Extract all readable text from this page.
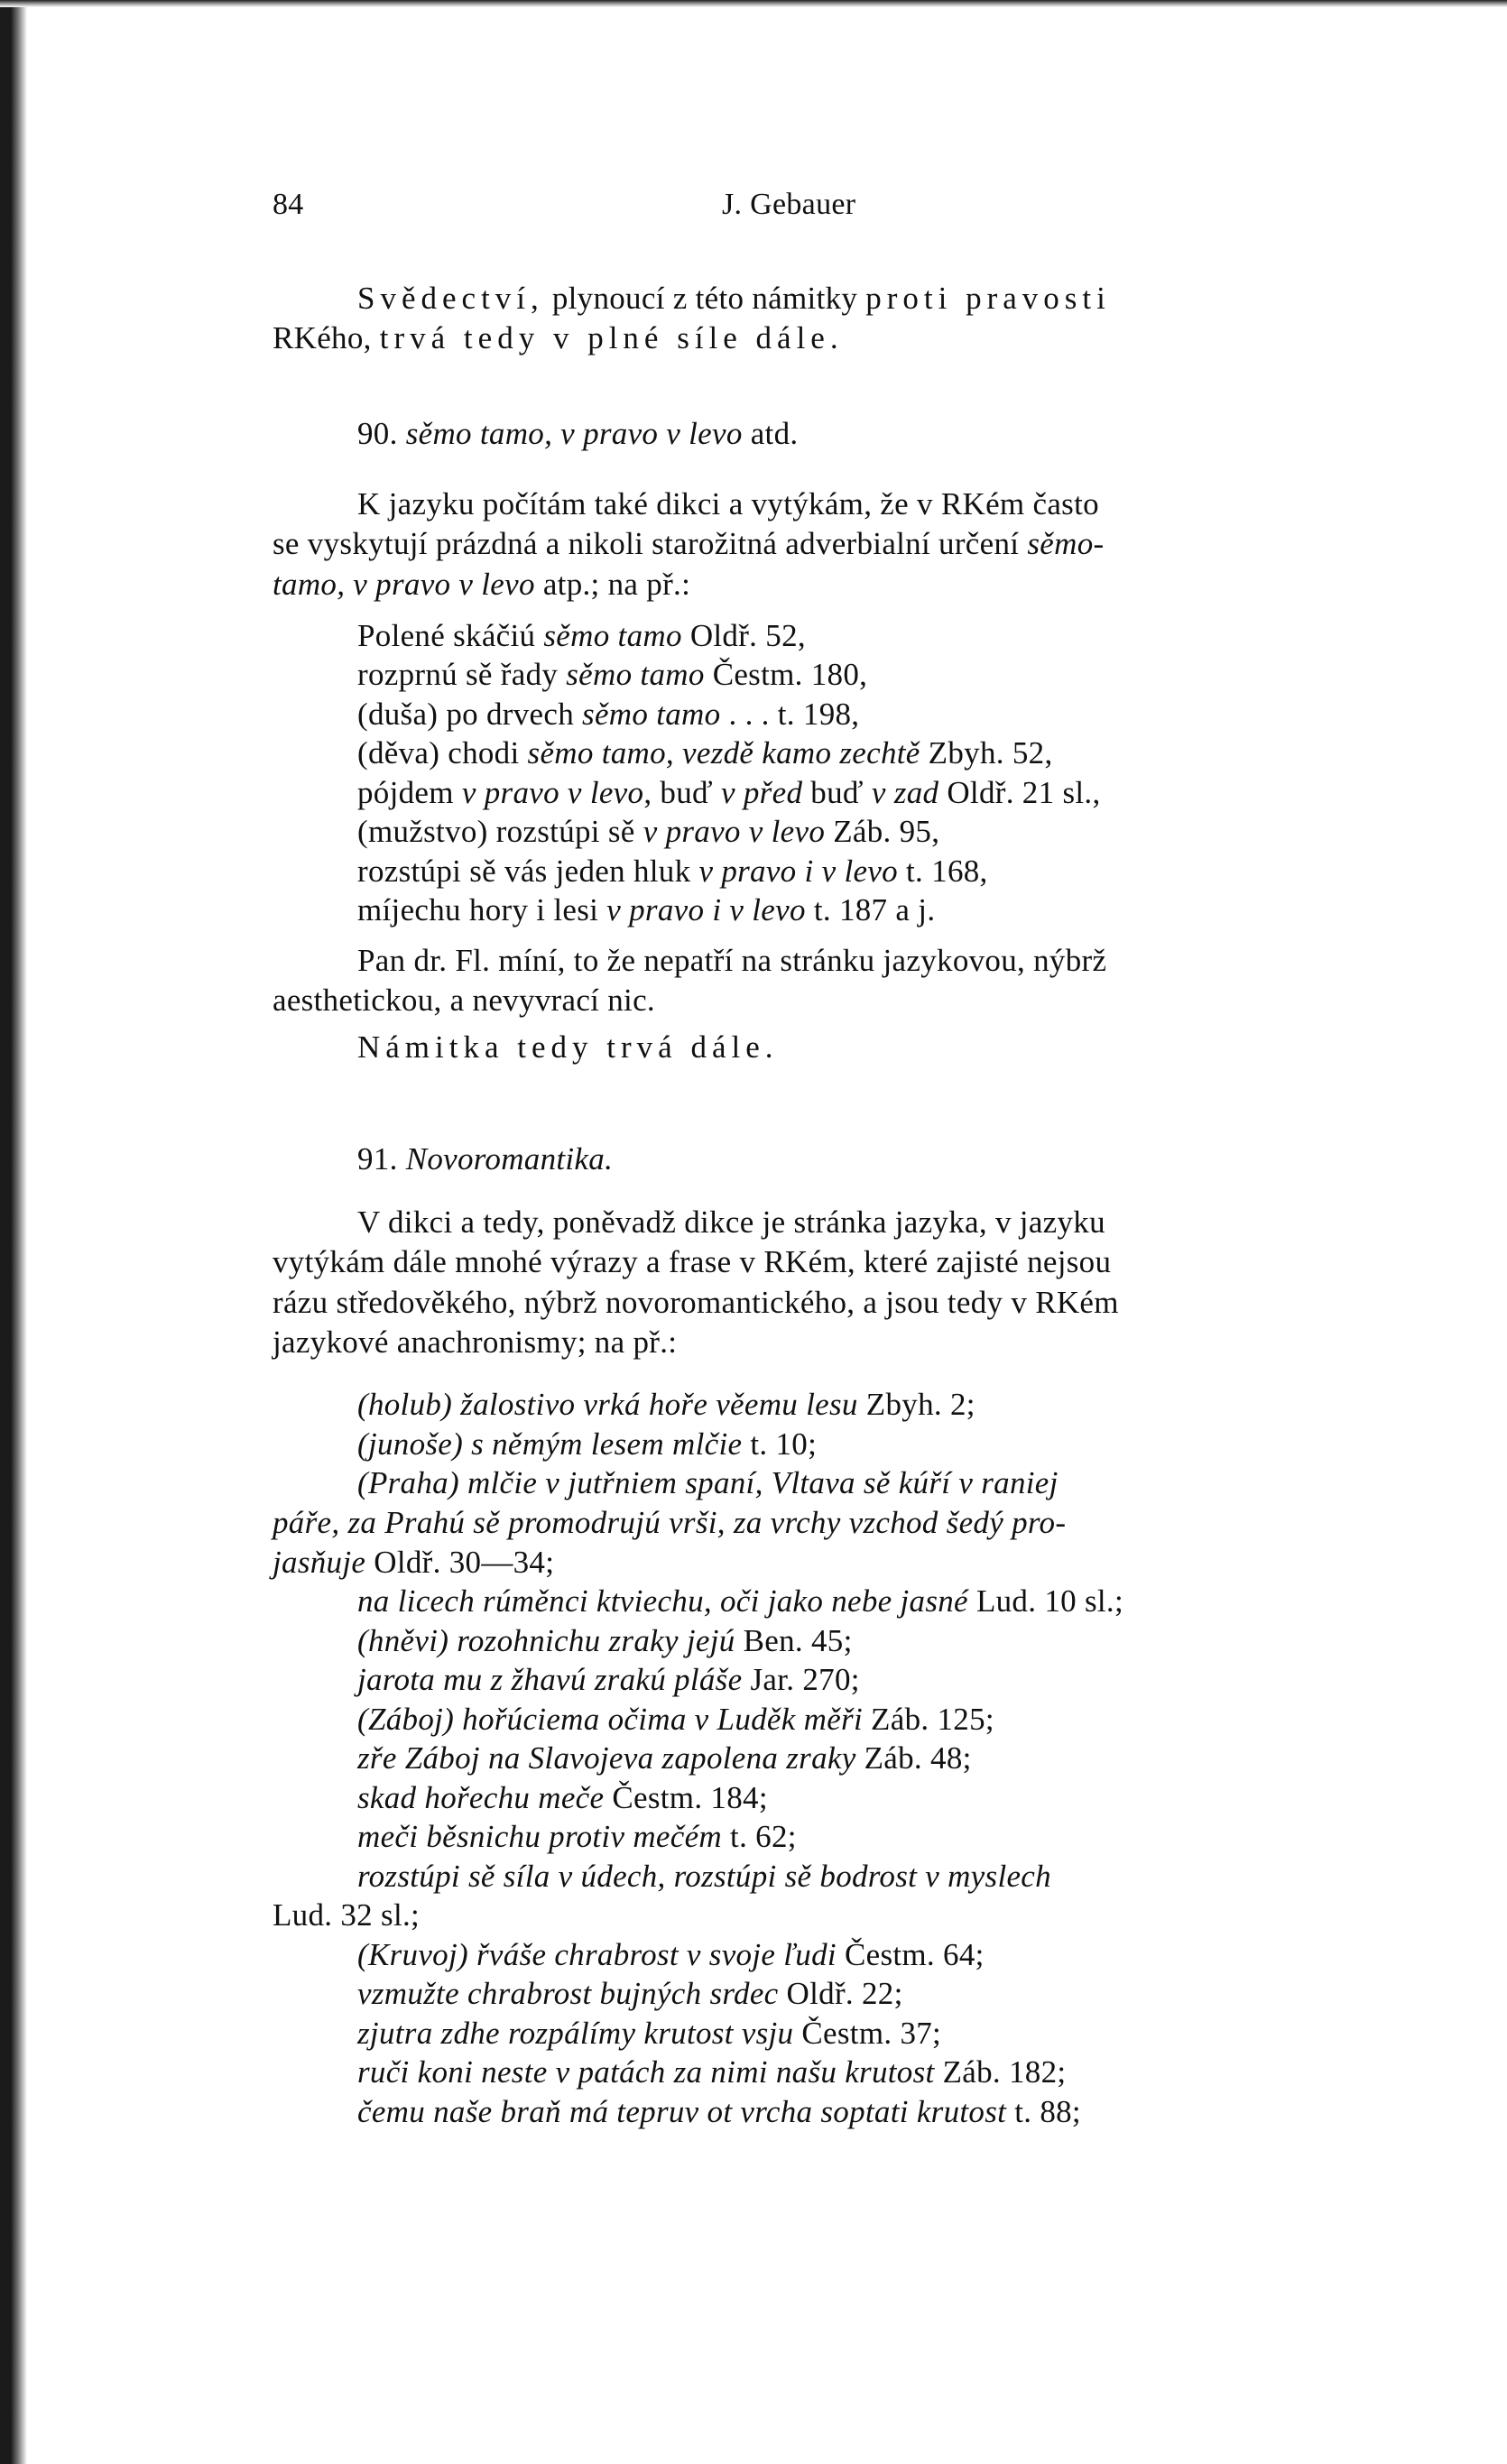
84	J. Gebauer
Svědectví, plynoucí z této námitky proti pravosti
RKého, trvá tedy v plné síle dále.
90. sěmo tamo, v pravo v levo atd.
K jazyku počítám také dikci a vytýkám, že v RKém často
se vyskytují prázdná a nikoli starožitná adverbialní určení sěmo-
tamo, v pravo v levo atp.; na př.:
Polené skáčiú sěmo tamo Oldř. 52,
rozprnú sě řady sěmo tamo Čestm. 180,
(duša) po drvech sěmo tamo . . . t. 198,
(děva) chodi sěmo tamo, vezdě kamo zechtě Zbyh. 52,
pójdem v pravo v levo, buď v před buď v zad Oldř. 21 sl.,
(mužstvo) rozstúpi sě v pravo v levo Záb. 95,
rozstúpi sě vás jeden hluk v pravo i v levo t. 168,
míjechu hory i lesi v pravo i v levo t. 187 a j.
Pan dr. Fl. míní, to že nepatří na stránku jazykovou, nýbrž
aesthetickou, a nevyvrací nic.
Námitka tedy trvá dále.
91. Novoromantika.
V dikci a tedy, poněvadž dikce je stránka jazyka, v jazyku
vytýkám dále mnohé výrazy a frase v RKém, které zajisté nejsou
rázu středověkého, nýbrž novoromantického, a jsou tedy v RKém
jazykové anachronismy; na př.:
(holub) žalostivo vrká hoře věemu lesu Zbyh. 2;
(junoše) s němým lesem mlčie t. 10;
(Praha) mlčie v jutřniem spaní, Vltava sě kúří v raniej
páře, za Prahú sě promodrujú vrši, za vrchy vzchod šedý pro-
jasňuje Oldř. 30—34;
na licech rúměnci ktviechu, oči jako nebe jasné Lud. 10 sl.;
(hněvi) rozohnichu zraky jejú Ben. 45;
jarota mu z žhavú zrakú pláše Jar. 270;
(Záboj) hořúciema očima v Luděk měři Záb. 125;
zře Záboj na Slavojeva zapolena zraky Záb. 48;
skad hořechu meče Čestm. 184;
meči běsnichu protiv mečém t. 62;
rozstúpi sě síla v údech, rozstúpi sě bodrost v myslech
Lud. 32 sl.;
(Kruvoj) řváše chrabrost v svoje ľudi Čestm. 64;
vzmužte chrabrost bujných srdec Oldř. 22;
zjutra zdhe rozpálímy krutost vsju Čestm. 37;
ruči koni neste v patách za nimi našu krutost Záb. 182;
čemu naše braň má tepruv ot vrcha soptati krutost t. 88;
